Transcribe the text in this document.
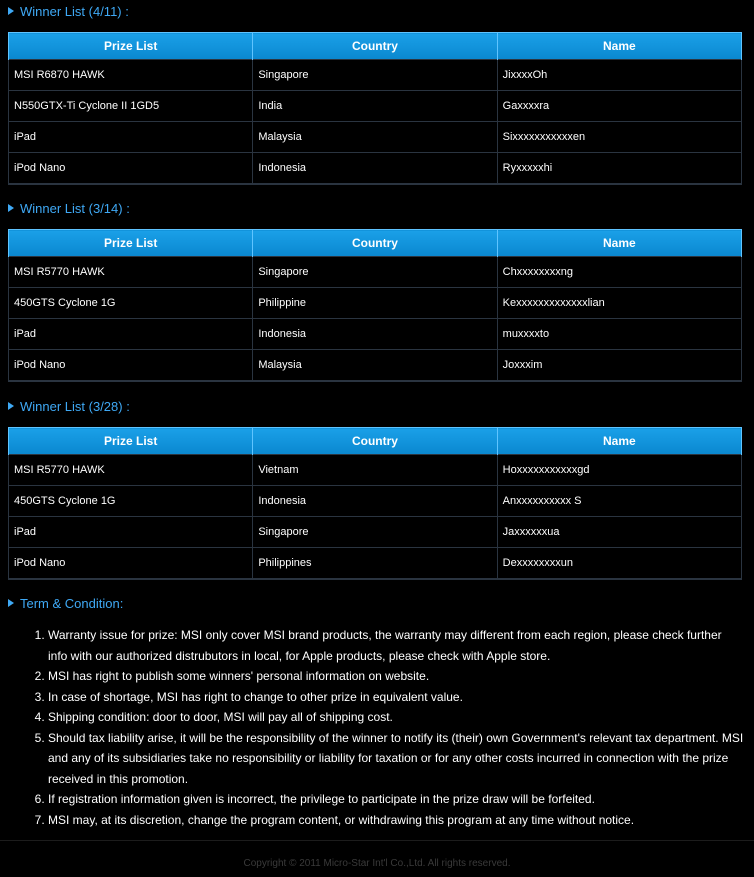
Winner List (4/11) :
Prize List	Country	Name
MSI R6870 HAWK	Singapore	JixxxxOh
N550GTX-Ti Cyclone II 1GD5	India	Gaxxxxra
iPad	Malaysia	Sixxxxxxxxxxxen
iPod Nano	Indonesia	Ryxxxxxhi
Winner List (3/14) :
Prize List	Country	Name
MSI R5770 HAWK	Singapore	Chxxxxxxxxng
450GTS Cyclone 1G	Philippine	Kexxxxxxxxxxxxxlian
iPad	Indonesia	muxxxxto
iPod Nano	Malaysia	Joxxxim
Winner List (3/28) :
Prize List	Country	Name
MSI R5770 HAWK	Vietnam	Hoxxxxxxxxxxxgd
450GTS Cyclone 1G	Indonesia	Anxxxxxxxxxx S
iPad	Singapore	Jaxxxxxxua
iPod Nano	Philippines	Dexxxxxxxxun
Term & Condition:
1. Warranty issue for prize: MSI only cover MSI brand products, the warranty may different from each region, please check further info with our authorized distrubutors in local, for Apple products, please check with Apple store.
2. MSI has right to publish some winners' personal information on website.
3. In case of shortage, MSI has right to change to other prize in equivalent value.
4. Shipping condition: door to door, MSI will pay all of shipping cost.
5. Should tax liability arise, it will be the responsibility of the winner to notify its (their) own Government's relevant tax department. MSI and any of its subsidiaries take no responsibility or liability for taxation or for any other costs incurred in connection with the prize received in this promotion.
6. If registration information given is incorrect, the privilege to participate in the prize draw will be forfeited.
7. MSI may, at its discretion, change the program content, or withdrawing this program at any time without notice.
Copyright © 2011 Micro-Star Int'l Co.,Ltd. All rights reserved.
